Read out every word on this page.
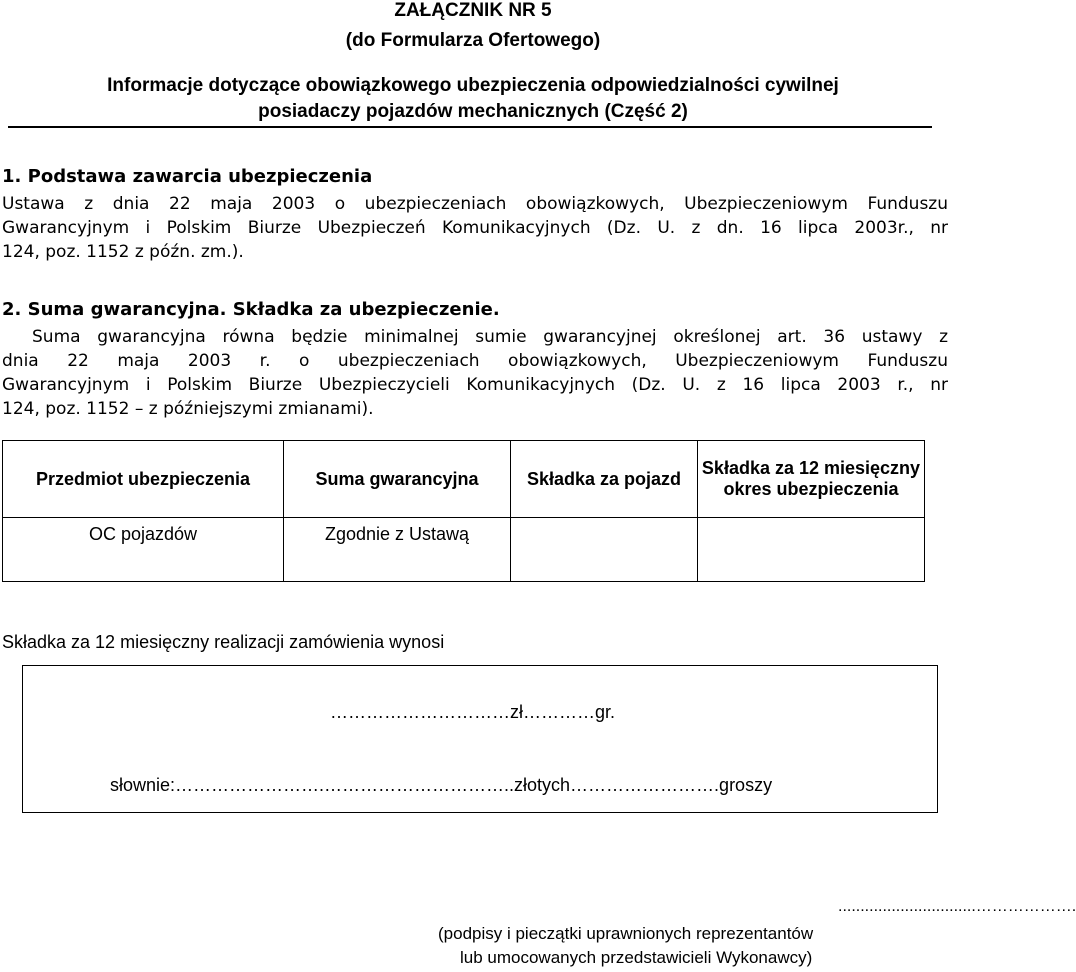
ZAŁĄCZNIK NR 5
(do Formularza Ofertowego)
Informacje dotyczące obowiązkowego ubezpieczenia odpowiedzialności cywilnej
posiadaczy pojazdów mechanicznych (Część 2)
1. Podstawa zawarcia ubezpieczenia
Ustawa z dnia 22 maja 2003 o ubezpieczeniach obowiązkowych, Ubezpieczeniowym Funduszu
Gwarancyjnym i Polskim Biurze Ubezpieczeń Komunikacyjnych (Dz. U. z dn. 16 lipca 2003r., nr
124, poz. 1152 z późn. zm.).
2. Suma gwarancyjna. Składka za ubezpieczenie.
Suma gwarancyjna równa będzie minimalnej sumie gwarancyjnej określonej art. 36 ustawy z
dnia 22 maja 2003 r. o ubezpieczeniach obowiązkowych, Ubezpieczeniowym Funduszu
Gwarancyjnym i Polskim Biurze Ubezpieczycieli Komunikacyjnych (Dz. U. z 16 lipca 2003 r., nr
124, poz. 1152 – z późniejszymi zmianami).
Przedmiot ubezpieczenia	Suma gwarancyjna	Składka za pojazd	Składka za 12 miesięczny okres ubezpieczenia
OC pojazdów	Zgodnie z Ustawą		
Składka za 12 miesięczny realizacji zamówienia wynosi
…………………………zł…………gr.
słownie:…………………….…………………………..złotych…………………….groszy
...............................……………….
(podpisy i pieczątki uprawnionych reprezentantów
lub umocowanych przedstawicieli Wykonawcy)
